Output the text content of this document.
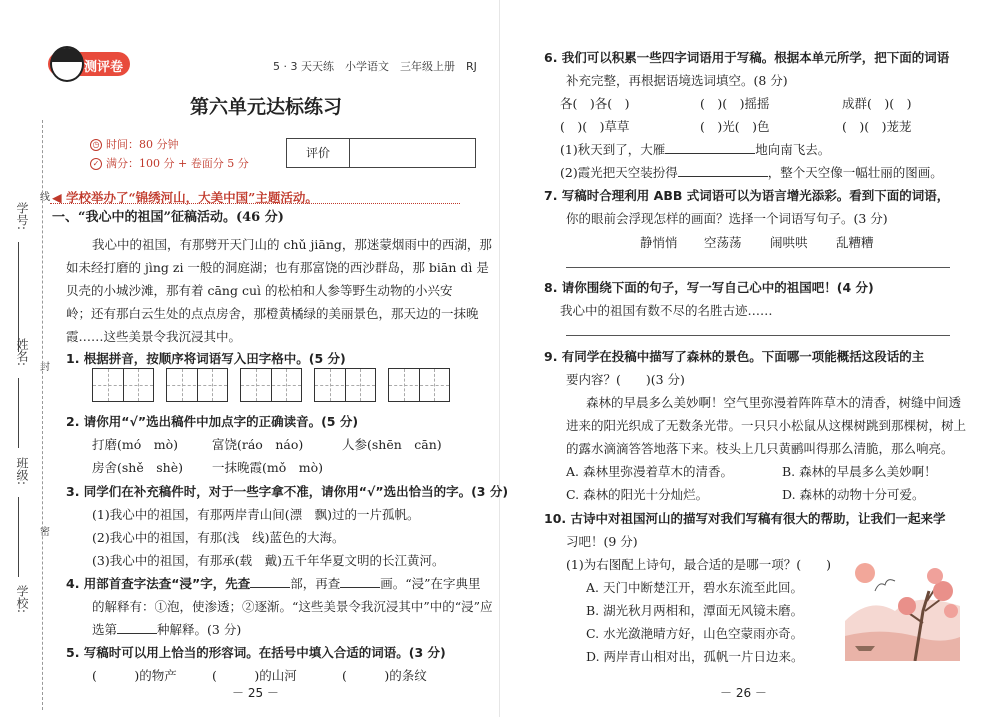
学号:
姓名:
班级:
学校:
线
封
密
测评卷	5 · 3 天天练　小学语文　三年级上册　RJ
第六单元达标练习
◷ 时间：80 分钟
✓ 满分：100 分 + 卷面分 5 分
评价
◀ 学校举办了“锦绣河山，大美中国”主题活动。
一、“我心中的祖国”征稿活动。(46 分)
我心中的祖国，有那劈开天门山的 chǔ jiāng，那迷蒙烟雨中的西湖，那
如未经打磨的 jìng zi 一般的洞庭湖；也有那富饶的西沙群岛，那 biān dì 是
贝壳的小城沙滩，那有着 cāng cuì 的松柏和人参等野生动物的小兴安
岭；还有那白云生处的点点房舍，那橙黄橘绿的美丽景色，那天边的一抹晚
霞……这些美景令我沉浸其中。
1. 根据拼音，按顺序将词语写入田字格中。(5 分)
2. 请你用“√”选出稿件中加点字的正确读音。(5 分)
打磨(mó　mò)	富饶(ráo　náo)	人参(shēn　cān)
房舍(shě　shè) 一抹晚霞(mǒ　mò)
3. 同学们在补充稿件时，对于一些字拿不准，请你用“√”选出恰当的字。(3 分)
(1)我心中的祖国，有那两岸青山间(漂　飘)过的一片孤帆。
(2)我心中的祖国，有那(浅　线)蓝色的大海。
(3)我心中的祖国，有那承(载　戴)五千年华夏文明的长江黄河。
4. 用部首查字法查“浸”字，先查	部，再查	画。“浸”在字典里
的解释有：①泡，使渗透；②逐渐。“这些美景令我沉浸其中”中的“浸”应
选第	种解释。(3 分)
5. 写稿时可以用上恰当的形容词。在括号中填入合适的词语。(3 分)
(　　　)的物产	(　　　)的山河	(　　　)的条纹
－ 25 －
6. 我们可以积累一些四字词语用于写稿。根据本单元所学，把下面的词语
补充完整，再根据语境选词填空。(8 分)
各(　)各(　)	(　)(　)摇摇	成群(　)(　)
(　)(　)草草	(　)光(　)色	(　)(　)茏茏
(1)秋天到了，大雁	地向南飞去。
(2)霞光把天空装扮得	，整个天空像一幅壮丽的图画。
7. 写稿时合理利用 ABB 式词语可以为语言增光添彩。看到下面的词语，
你的眼前会浮现怎样的画面？选择一个词语写句子。(3 分)
静悄悄 空荡荡 闹哄哄 乱糟糟
8. 请你围绕下面的句子，写一写自己心中的祖国吧！(4 分)
我心中的祖国有数不尽的名胜古迹……
9. 有同学在投稿中描写了森林的景色。下面哪一项能概括这段话的主
要内容？(　　)(3 分)
森林的早晨多么美妙啊！空气里弥漫着阵阵草木的清香，树缝中间透
进来的阳光织成了无数条光带。一只只小松鼠从这棵树跳到那棵树，树上
的露水滴滴答答地落下来。枝头上几只黄鹂叫得那么清脆，那么响亮。
A. 森林里弥漫着草木的清香。	B. 森林的早晨多么美妙啊！
C. 森林的阳光十分灿烂。	D. 森林的动物十分可爱。
10. 古诗中对祖国河山的描写对我们写稿有很大的帮助，让我们一起来学
习吧！(9 分)
(1)为右图配上诗句，最合适的是哪一项？(　　)
A. 天门中断楚江开，碧水东流至此回。
B. 湖光秋月两相和，潭面无风镜未磨。
C. 水光潋滟晴方好，山色空蒙雨亦奇。
D. 两岸青山相对出，孤帆一片日边来。
－ 26 －
